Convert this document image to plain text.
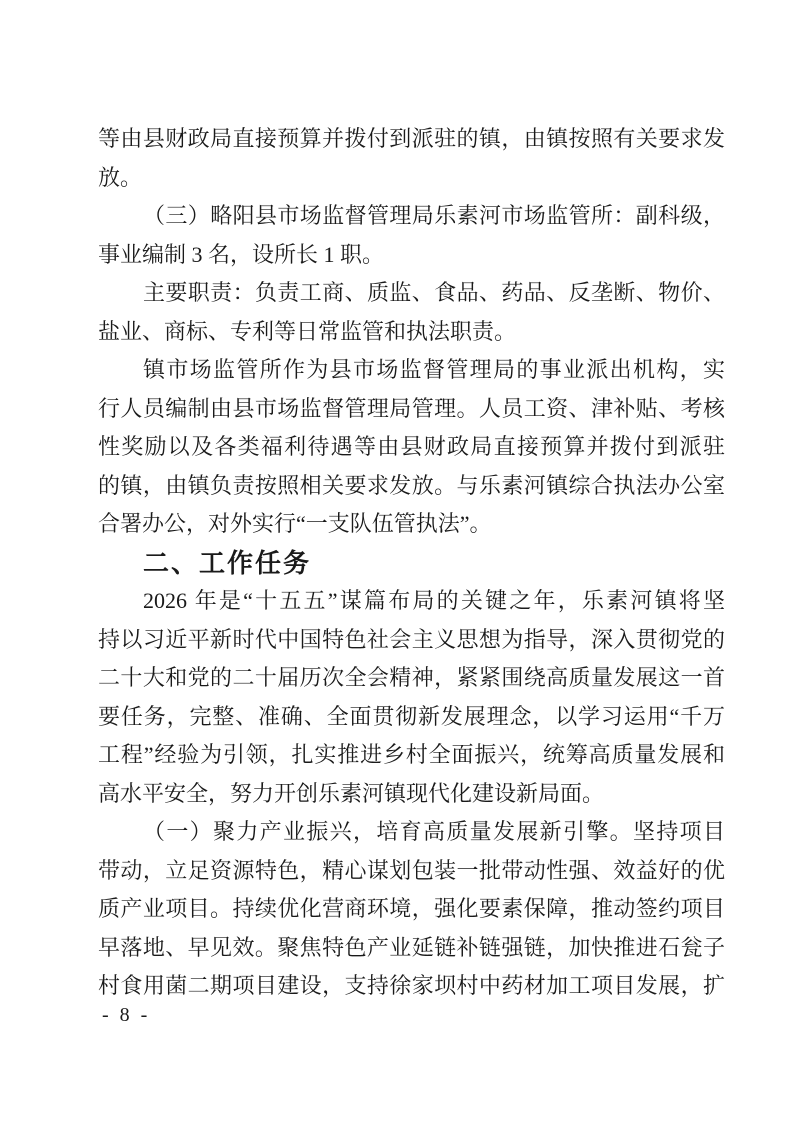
等由县财政局直接预算并拨付到派驻的镇，由镇按照有关要求发
放。
（三）略阳县市场监督管理局乐素河市场监管所：副科级，
事业编制 3 名，设所长 1 职。
主要职责：负责工商、质监、食品、药品、反垄断、物价、
盐业、商标、专利等日常监管和执法职责。
镇市场监管所作为县市场监督管理局的事业派出机构，实
行人员编制由县市场监督管理局管理。人员工资、津补贴、考核
性奖励以及各类福利待遇等由县财政局直接预算并拨付到派驻
的镇，由镇负责按照相关要求发放。与乐素河镇综合执法办公室
合署办公，对外实行“一支队伍管执法”。
二、工作任务
2026 年是“十五五”谋篇布局的关键之年，乐素河镇将坚
持以习近平新时代中国特色社会主义思想为指导，深入贯彻党的
二十大和党的二十届历次全会精神，紧紧围绕高质量发展这一首
要任务，完整、准确、全面贯彻新发展理念，以学习运用“千万
工程”经验为引领，扎实推进乡村全面振兴，统筹高质量发展和
高水平安全，努力开创乐素河镇现代化建设新局面。
（一）聚力产业振兴，培育高质量发展新引擎。坚持项目
带动，立足资源特色，精心谋划包装一批带动性强、效益好的优
质产业项目。持续优化营商环境，强化要素保障，推动签约项目
早落地、早见效。聚焦特色产业延链补链强链，加快推进石瓮子
村食用菌二期项目建设，支持徐家坝村中药材加工项目发展，扩
- 8 -
